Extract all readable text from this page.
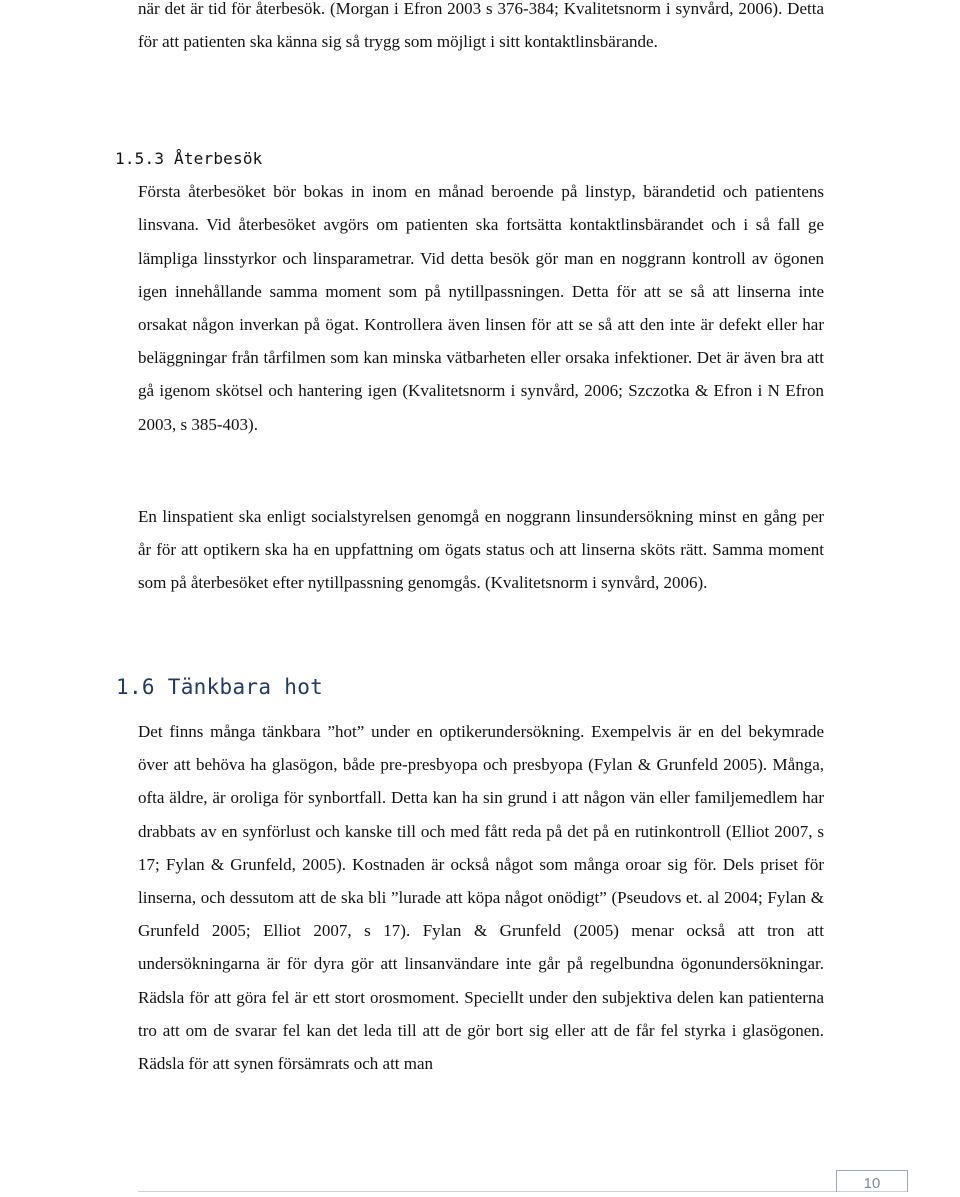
när det är tid för återbesök. (Morgan i Efron 2003 s 376-384; Kvalitetsnorm i synvård, 2006). Detta för att patienten ska känna sig så trygg som möjligt i sitt kontaktlinsbärande.

1.5.3 Återbesök

Första återbesöket bör bokas in inom en månad beroende på linstyp, bärandetid och patientens linsvana. Vid återbesöket avgörs om patienten ska fortsätta kontaktlinsbärandet och i så fall ge lämpliga linsstyrkor och linsparametrar. Vid detta besök gör man en noggrann kontroll av ögonen igen innehållande samma moment som på nytillpassningen. Detta för att se så att linserna inte orsakat någon inverkan på ögat. Kontrollera även linsen för att se så att den inte är defekt eller har beläggningar från tårfilmen som kan minska vätbarheten eller orsaka infektioner. Det är även bra att gå igenom skötsel och hantering igen (Kvalitetsnorm i synvård, 2006; Szczotka & Efron i N Efron 2003, s 385-403).

En linspatient ska enligt socialstyrelsen genomgå en noggrann linsundersökning minst en gång per år för att optikern ska ha en uppfattning om ögats status och att linserna sköts rätt. Samma moment som på återbesöket efter nytillpassning genomgås. (Kvalitetsnorm i synvård, 2006).

1.6 Tänkbara hot

Det finns många tänkbara ”hot” under en optikerundersökning. Exempelvis är en del bekymrade över att behöva ha glasögon, både pre-presbyopa och presbyopa (Fylan & Grunfeld 2005). Många, ofta äldre, är oroliga för synbortfall. Detta kan ha sin grund i att någon vän eller familjemedlem har drabbats av en synförlust och kanske till och med fått reda på det på en rutinkontroll (Elliot 2007, s 17; Fylan & Grunfeld, 2005). Kostnaden är också något som många oroar sig för. Dels priset för linserna, och dessutom att de ska bli ”lurade att köpa något onödigt” (Pseudovs et. al 2004; Fylan & Grunfeld 2005; Elliot 2007, s 17). Fylan & Grunfeld (2005) menar också att tron att undersökningarna är för dyra gör att linsanvändare inte går på regelbundna ögonundersökningar. Rädsla för att göra fel är ett stort orosmoment. Speciellt under den subjektiva delen kan patienterna tro att om de svarar fel kan det leda till att de gör bort sig eller att de får fel styrka i glasögonen. Rädsla för att synen försämrats och att man

10
